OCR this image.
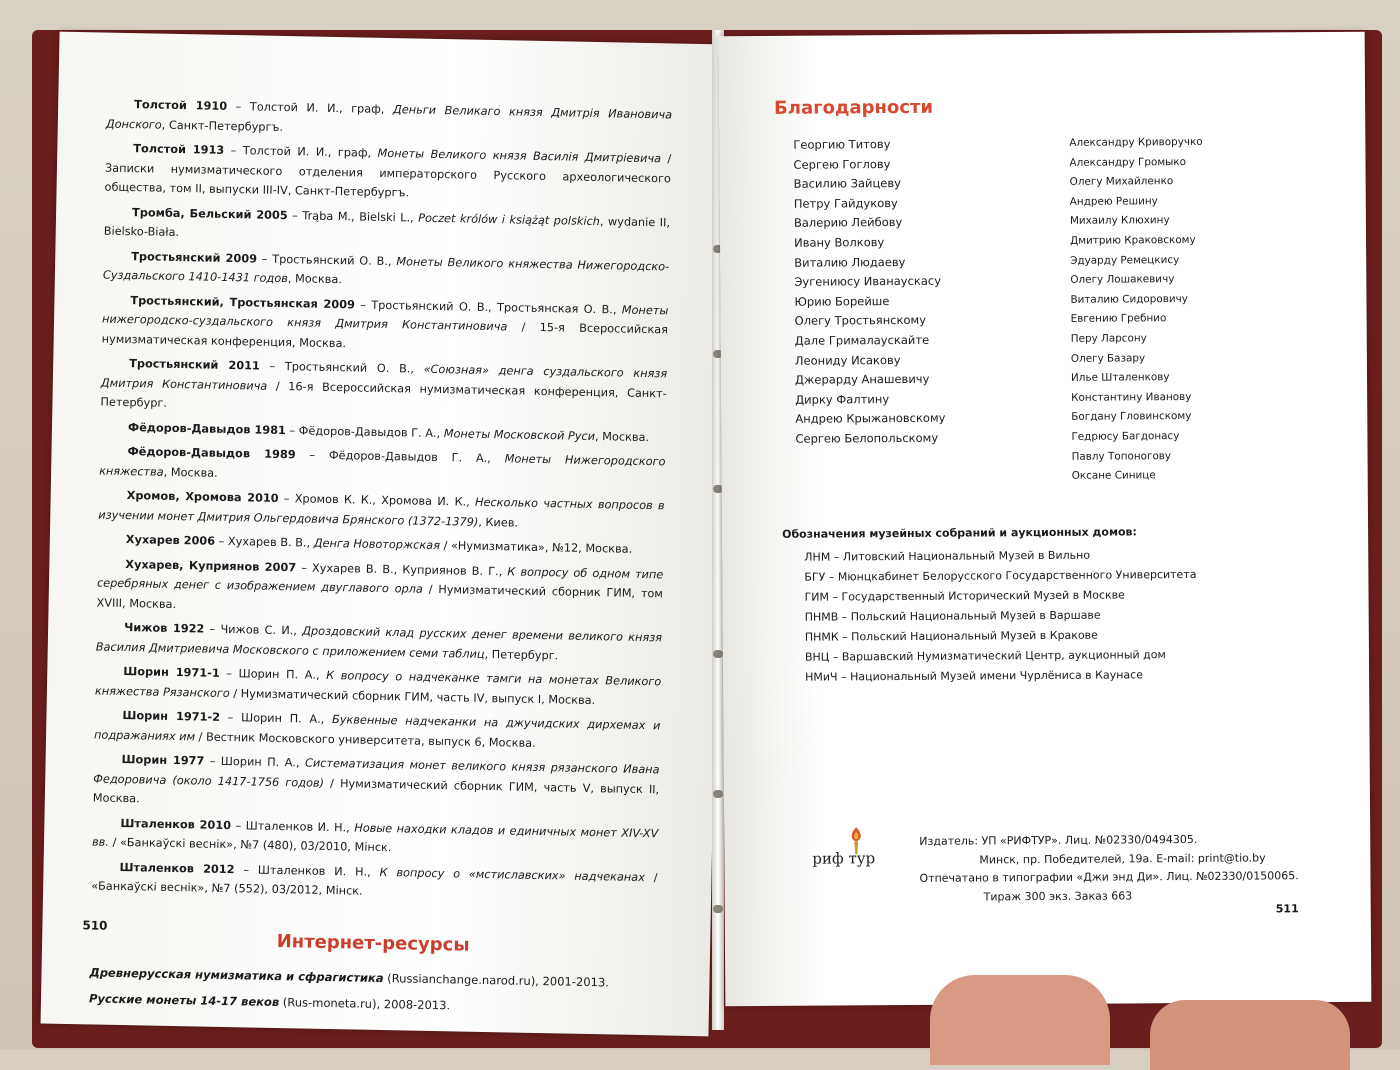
Толстой 1910 – Толстой И. И., граф, Деньги Великаго князя Дмитрія Ивановича Донского, Санкт-Петербургъ.
Толстой 1913 – Толстой И. И., граф, Монеты Великого князя Василія Дмитріевича / Записки нумизматического отделения императорского Русского археологического общества, том II, выпуски III-IV, Санкт-Петербургъ.
Тромба, Бельский 2005 – Trąba M., Bielski L., Poczet królów i książąt polskich, wydanie II, Bielsko-Biała.
Тростьянский 2009 – Тростьянский О. В., Монеты Великого княжества Нижегородско-Суздальского 1410-1431 годов, Москва.
Тростьянский, Тростьянская 2009 – Тростьянский О. В., Тростьянская О. В., Монеты нижегородско-суздальского князя Дмитрия Константиновича / 15-я Всероссийская нумизматическая конференция, Москва.
Тростьянский 2011 – Тростьянский О. В., «Союзная» денга суздальского князя Дмитрия Константиновича / 16-я Всероссийская нумизматическая конференция, Санкт-Петербург.
Фёдоров-Давыдов 1981 – Фёдоров-Давыдов Г. А., Монеты Московской Руси, Москва.
Фёдоров-Давыдов 1989 – Фёдоров-Давыдов Г. А., Монеты Нижегородского княжества, Москва.
Хромов, Хромова 2010 – Хромов К. К., Хромова И. К., Несколько частных вопросов в изучении монет Дмитрия Ольгердовича Брянского (1372-1379), Киев.
Хухарев 2006 – Хухарев В. В., Денга Новоторжская / «Нумизматика», №12, Москва.
Хухарев, Куприянов 2007 – Хухарев В. В., Куприянов В. Г., К вопросу об одном типе серебряных денег с изображением двуглавого орла / Нумизматический сборник ГИМ, том XVIII, Москва.
Чижов 1922 – Чижов С. И., Дроздовский клад русских денег времени великого князя Василия Дмитриевича Московского с приложением семи таблиц, Петербург.
Шорин 1971-1 – Шорин П. А., К вопросу о надчеканке тамги на монетах Великого княжества Рязанского / Нумизматический сборник ГИМ, часть IV, выпуск I, Москва.
Шорин 1971-2 – Шорин П. А., Буквенные надчеканки на джучидских дирхемах и подражаниях им / Вестник Московского университета, выпуск 6, Москва.
Шорин 1977 – Шорин П. А., Систематизация монет великого князя рязанского Ивана Федоровича (около 1417-1756 годов) / Нумизматический сборник ГИМ, часть V, выпуск II, Москва.
Шталенков 2010 – Шталенков И. Н., Новые находки кладов и единичных монет XIV-XV вв. / «Банкаўскі веснік», №7 (480), 03/2010, Мінск.
Шталенков 2012 – Шталенков И. Н., К вопросу о «мстиславских» надчеканах / «Банкаўскі веснік», №7 (552), 03/2012, Мінск.
Интернет-ресурсы
Древнерусская нумизматика и сфрагистика (Russianchange.narod.ru), 2001-2013.
Русские монеты 14-17 веков (Rus-moneta.ru), 2008-2013.
510
Благодарности
Георгию Титову
Сергею Гоглову
Василию Зайцеву
Петру Гайдукову
Валерию Лейбову
Ивану Волкову
Виталию Людаеву
Эугениюсу Иванаускасу
Юрию Борейше
Олегу Тростьянскому
Дале Грималаускайте
Леониду Исакову
Джерарду Анашевичу
Дирку Фалтину
Андрею Крыжановскому
Сергею Белопольскому
Александру Криворучко
Александру Громыко
Олегу Михайленко
Андрею Решину
Михаилу Клюхину
Дмитрию Краковскому
Эдуарду Ремецкису
Олегу Лошакевичу
Виталию Сидоровичу
Евгению Гребнио
Перу Ларсону
Олегу Базару
Илье Шталенкову
Константину Иванову
Богдану Гловинскому
Гедрюсу Багдонасу
Павлу Топоногову
Оксане Синице
Обозначения музейных собраний и аукционных домов:
ЛНМ – Литовский Национальный Музей в Вильно
БГУ – Мюнцкабинет Белорусского Государственного Университета
ГИМ – Государственный Исторический Музей в Москве
ПНМВ – Польский Национальный Музей в Варшаве
ПНМК – Польский Национальный Музей в Кракове
ВНЦ – Варшавский Нумизматический Центр, аукционный дом
НМиЧ – Национальный Музей имени Чурлёниса в Каунасе
риф тур
Издатель: УП «РИФТУР». Лиц. №02330/0494305.
Минск, пр. Победителей, 19а. E-mail: print@tio.by
Отпечатано в типографии «Джи энд Ди». Лиц. №02330/0150065.
Тираж 300 экз. Заказ 663
511
